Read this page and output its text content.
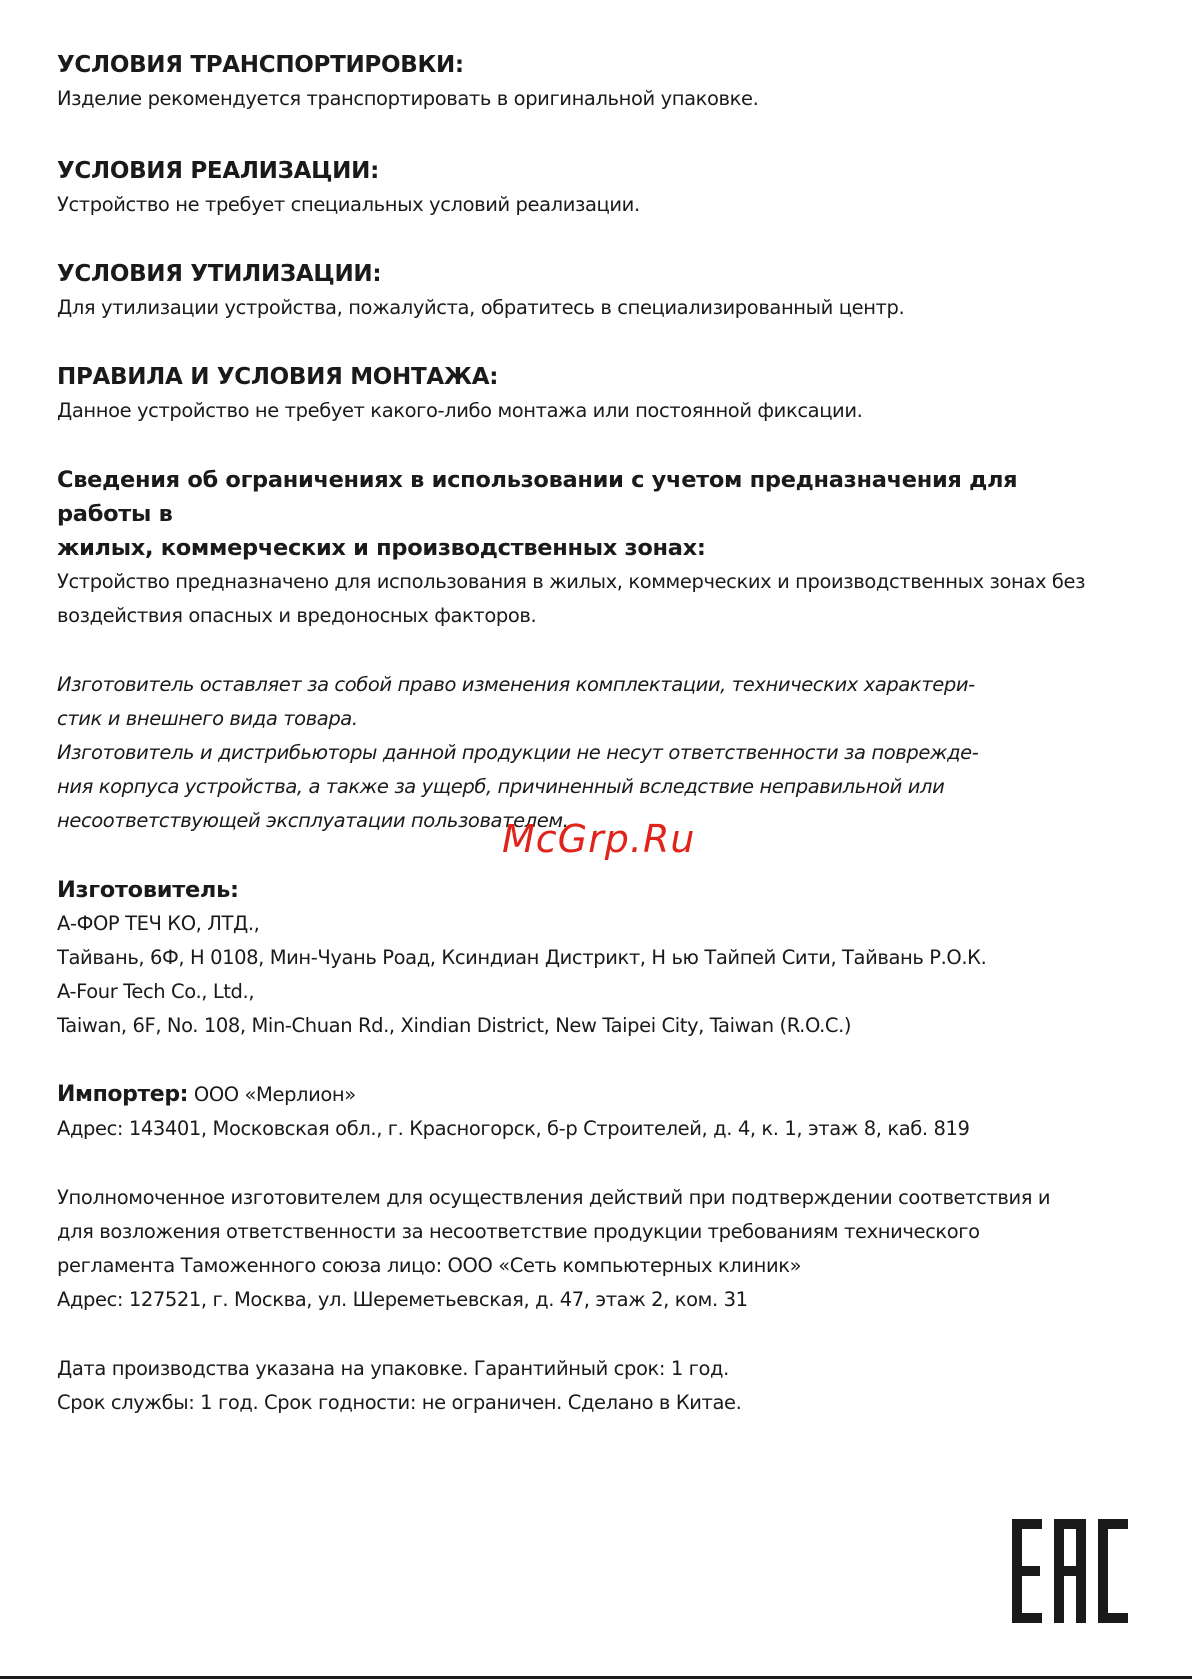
УСЛОВИЯ ТРАНСПОРТИРОВКИ:

Изделие рекомендуется транспортировать в оригинальной упаковке.

УСЛОВИЯ РЕАЛИЗАЦИИ:

Устройство не требует специальных условий реализации.

УСЛОВИЯ УТИЛИЗАЦИИ:

Для утилизации устройства, пожалуйста, обратитесь в специализированный центр.

ПРАВИЛА И УСЛОВИЯ МОНТАЖА:

Данное устройство не требует какого-либо монтажа или постоянной фиксации.

Сведения об ограничениях в использовании с учетом предназначения для работы в

жилых, коммерческих и производственных зонах:

Устройство предназначено для использования в жилых, коммерческих и производственных зонах без

воздействия опасных и вредоносных факторов.

Изготовитель оставляет за собой право изменения комплектации, технических характери-

стик и внешнего вида товара.

Изготовитель и дистрибьюторы данной продукции не несут ответственности за поврежде-

ния корпуса устройства, а также за ущерб, причиненный вследствие неправильной или

несоответствующей эксплуатации пользователем.

Изготовитель:

А-ФОР ТЕЧ КО, ЛТД.,

Тайвань, 6Ф, Н 0108, Мин-Чуань Роад, Ксиндиан Дистрикт, Н ью Тайпей Сити, Тайвань Р.О.К.

A-Four Tech Co., Ltd.,

Taiwan, 6F, No. 108, Min-Chuan Rd., Xindian District, New Taipei City, Taiwan (R.O.C.)

Импортер: ООО «Мерлион»

Адрес: 143401, Московская обл., г. Красногорск, б-р Строителей, д. 4, к. 1, этаж 8, каб. 819

Уполномоченное изготовителем для осуществления действий при подтверждении соответствия и

для возложения ответственности за несоответствие продукции требованиям технического

регламента Таможенного союза лицо: ООО «Сеть компьютерных клиник»

Адрес: 127521, г. Москва, ул. Шереметьевская, д. 47, этаж 2, ком. 31

Дата производства указана на упаковке. Гарантийный срок: 1 год.

Срок службы: 1 год. Срок годности: не ограничен. Сделано в Китае.

McGrp.Ru
